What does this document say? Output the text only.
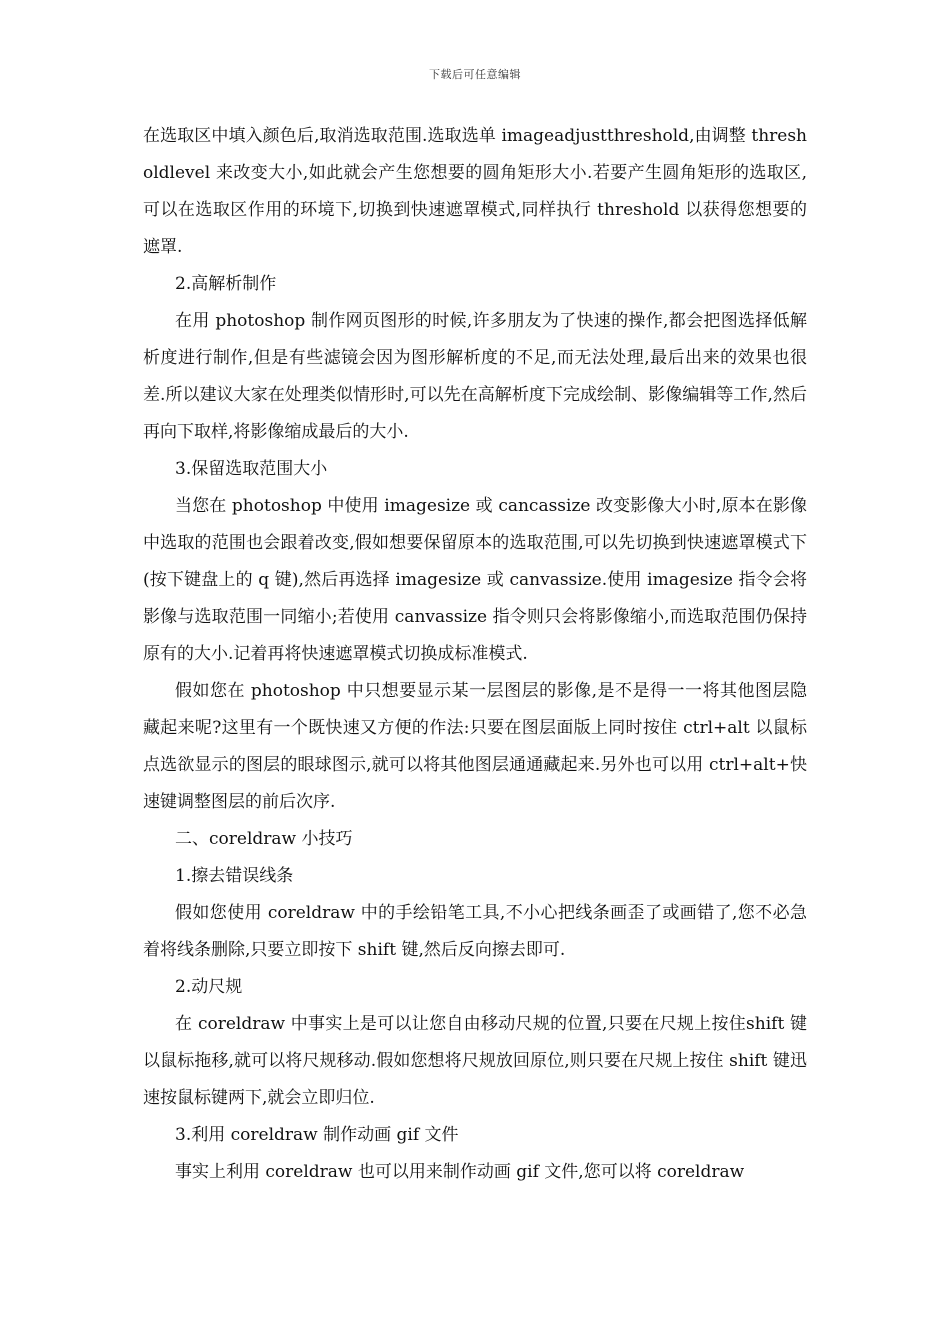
下载后可任意编辑

在选取区中填入颜色后,取消选取范围.选取选单 imageadjustthreshold,由调整 thresholdlevel 来改变大小,如此就会产生您想要的圆角矩形大小.若要产生圆角矩形的选取区,可以在选取区作用的环境下,切换到快速遮罩模式,同样执行 threshold 以获得您想要的遮罩.

2.高解析制作

在用 photoshop 制作网页图形的时候,许多朋友为了快速的操作,都会把图选择低解析度进行制作,但是有些滤镜会因为图形解析度的不足,而无法处理,最后出来的效果也很差.所以建议大家在处理类似情形时,可以先在高解析度下完成绘制、影像编辑等工作,然后再向下取样,将影像缩成最后的大小.

3.保留选取范围大小

当您在 photoshop 中使用 imagesize 或 cancassize 改变影像大小时,原本在影像中选取的范围也会跟着改变,假如想要保留原本的选取范围,可以先切换到快速遮罩模式下(按下键盘上的 q 键),然后再选择 imagesize 或 canvassize.使用 imagesize 指令会将影像与选取范围一同缩小;若使用 canvassize 指令则只会将影像缩小,而选取范围仍保持原有的大小.记着再将快速遮罩模式切换成标准模式.

假如您在 photoshop 中只想要显示某一层图层的影像,是不是得一一将其他图层隐藏起来呢?这里有一个既快速又方便的作法:只要在图层面版上同时按住 ctrl+alt 以鼠标点选欲显示的图层的眼球图示,就可以将其他图层通通藏起来.另外也可以用 ctrl+alt+快速键调整图层的前后次序.

二、coreldraw 小技巧

1.擦去错误线条

假如您使用 coreldraw 中的手绘铅笔工具,不小心把线条画歪了或画错了,您不必急着将线条删除,只要立即按下 shift 键,然后反向擦去即可.

2.动尺规

在 coreldraw 中事实上是可以让您自由移动尺规的位置,只要在尺规上按住shift 键以鼠标拖移,就可以将尺规移动.假如您想将尺规放回原位,则只要在尺规上按住 shift 键迅速按鼠标键两下,就会立即归位.

3.利用 coreldraw 制作动画 gif 文件

事实上利用 coreldraw 也可以用来制作动画 gif 文件,您可以将 coreldraw
